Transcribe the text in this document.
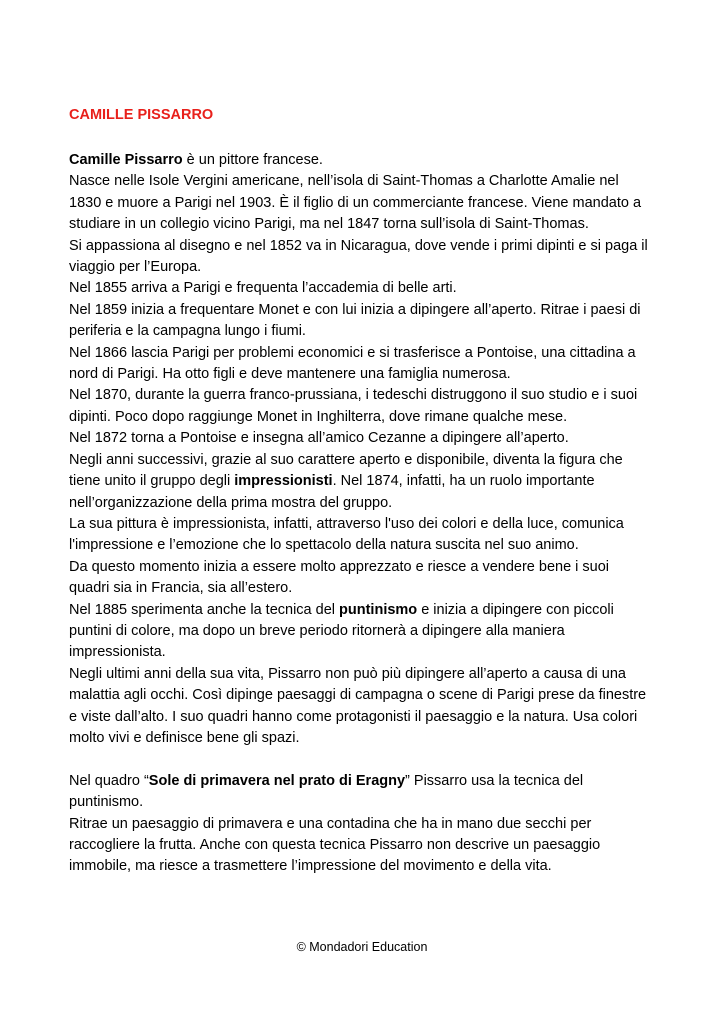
CAMILLE PISSARRO
Camille Pissarro è un pittore francese.
Nasce nelle Isole Vergini americane, nell’isola di Saint-Thomas a Charlotte Amalie nel
1830 e muore a Parigi nel 1903. È il figlio di un commerciante francese. Viene mandato a
studiare in un collegio vicino Parigi, ma nel 1847 torna sull’isola di Saint-Thomas.
Si appassiona al disegno e nel 1852 va in Nicaragua, dove vende i primi dipinti e si paga il
viaggio per l’Europa.
Nel 1855 arriva a Parigi e frequenta l’accademia di belle arti.
Nel 1859 inizia a frequentare Monet e con lui inizia a dipingere all’aperto. Ritrae i paesi di
periferia e la campagna lungo i fiumi.
Nel 1866 lascia Parigi per problemi economici e si trasferisce a Pontoise, una cittadina a
nord di Parigi. Ha otto figli e deve mantenere una famiglia numerosa.
Nel 1870, durante la guerra franco-prussiana, i tedeschi distruggono il suo studio e i suoi
dipinti. Poco dopo raggiunge Monet in Inghilterra, dove rimane qualche mese.
Nel 1872 torna a Pontoise e insegna all’amico Cezanne a dipingere all’aperto.
Negli anni successivi, grazie al suo carattere aperto e disponibile, diventa la figura che
tiene unito il gruppo degli impressionisti. Nel 1874, infatti, ha un ruolo importante
nell’organizzazione della prima mostra del gruppo.
La sua pittura è impressionista, infatti, attraverso l'uso dei colori e della luce, comunica
l'impressione e l’emozione che lo spettacolo della natura suscita nel suo animo.
Da questo momento inizia a essere molto apprezzato e riesce a vendere bene i suoi
quadri sia in Francia, sia all’estero.
Nel 1885 sperimenta anche la tecnica del puntinismo e inizia a dipingere con piccoli
puntini di colore, ma dopo un breve periodo ritornerà a dipingere alla maniera
impressionista.
Negli ultimi anni della sua vita, Pissarro non può più dipingere all’aperto a causa di una
malattia agli occhi. Così dipinge paesaggi di campagna o scene di Parigi prese da finestre
e viste dall’alto. I suo quadri hanno come protagonisti il paesaggio e la natura. Usa colori
molto vivi e definisce bene gli spazi.
Nel quadro “Sole di primavera nel prato di Eragny” Pissarro usa la tecnica del
puntinismo.
Ritrae un paesaggio di primavera e una contadina che ha in mano due secchi per
raccogliere la frutta. Anche con questa tecnica Pissarro non descrive un paesaggio
immobile, ma riesce a trasmettere l’impressione del movimento e della vita.
© Mondadori Education
